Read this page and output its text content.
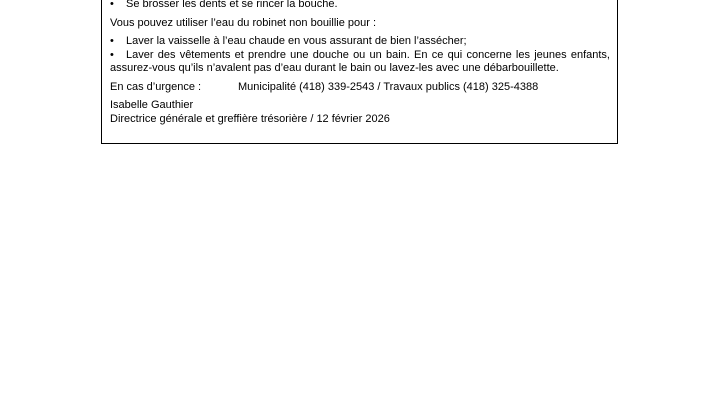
•	Se brosser les dents et se rincer la bouche.

Vous pouvez utiliser l’eau du robinet non bouillie pour :

•	Laver la vaisselle à l’eau chaude en vous assurant de bien l’assécher;
• Laver des vêtements et prendre une douche ou un bain. En ce qui concerne les jeunes enfants, assurez-vous qu’ils n’avalent pas d’eau durant le bain ou lavez-les avec une débarbouillette.
En cas d’urgence :	Municipalité (418) 339-2543 / Travaux publics (418) 325-4388

Isabelle Gauthier

Directrice générale et greffière trésorière / 12 février 2026
